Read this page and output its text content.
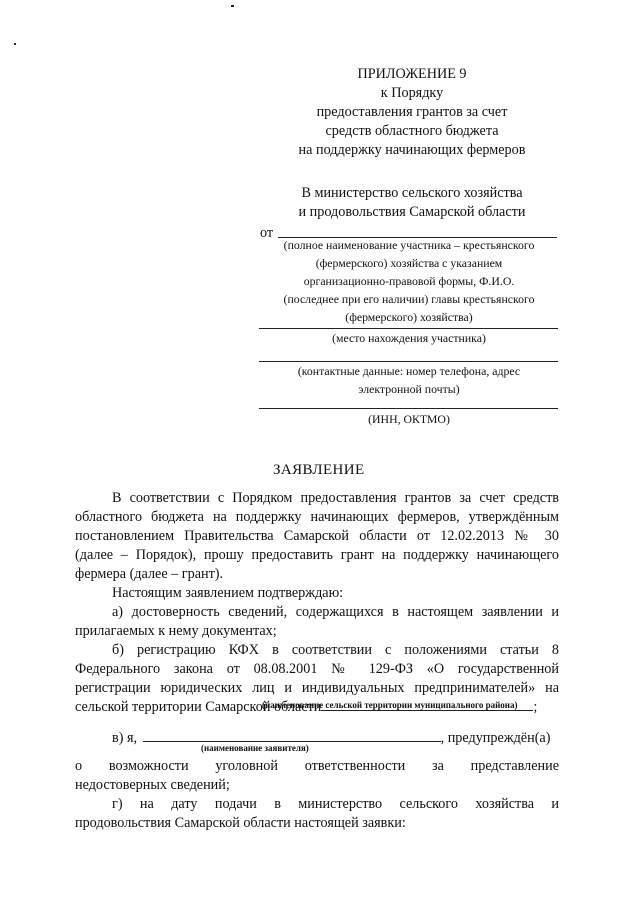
ПРИЛОЖЕНИЕ 9
к Порядку
предоставления грантов за счет
средств областного бюджета
на поддержку начинающих фермеров
В министерство сельского хозяйства
и продовольствия Самарской области
от
(полное наименование участника – крестьянского
(фермерского) хозяйства с указанием
организационно-правовой формы, Ф.И.О.
(последнее при его наличии) главы крестьянского
(фермерского) хозяйства)
(место нахождения участника)
(контактные данные: номер телефона, адрес
электронной почты)
(ИНН, ОКТМО)
ЗАЯВЛЕНИЕ
В соответствии с Порядком предоставления грантов за счет средств
областного бюджета на поддержку начинающих фермеров, утверждённым
постановлением Правительства Самарской области от 12.02.2013 № 30
(далее – Порядок), прошу предоставить грант на поддержку начинающего
фермера (далее – грант).
Настоящим заявлением подтверждаю:
а) достоверность сведений, содержащихся в настоящем заявлении и
прилагаемых к нему документах;
б) регистрацию КФХ в соответствии с положениями статьи 8
Федерального закона от 08.08.2001 № 129-ФЗ «О государственной
регистрации юридических лиц и индивидуальных предпринимателей» на
сельской территории Самарской области	;
(наименование сельской территории муниципального района)
в) я,	, предупреждён(а)
(наименование заявителя)
о возможности уголовной ответственности за представление
недостоверных сведений;
г) на дату подачи в министерство сельского хозяйства и
продовольствия Самарской области настоящей заявки:
